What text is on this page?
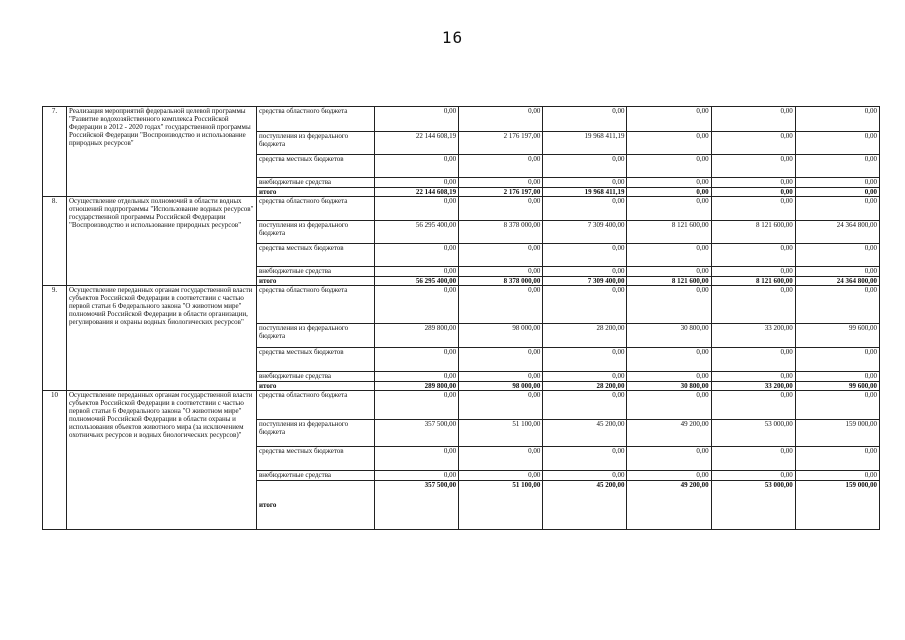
16
7.	Реализация мероприятий федеральной целевой программы "Развитие водохозяйственного комплекса Российской Федерации в 2012 - 2020 годах" государственной программы Российской Федерации "Воспроизводство и использование природных ресурсов"	средства областного бюджета	0,00	0,00	0,00	0,00	0,00	0,00
		поступления из федерального бюджета	22 144 608,19	2 176 197,00	19 968 411,19	0,00	0,00	0,00
		средства местных бюджетов	0,00	0,00	0,00	0,00	0,00	0,00
		внебюджетные средства	0,00	0,00	0,00	0,00	0,00	0,00
		итого	22 144 608,19	2 176 197,00	19 968 411,19	0,00	0,00	0,00
8.	Осуществление отдельных полномочий в области водных отношений подпрограммы "Использование водных ресурсов" государственной программы Российской Федерации "Воспроизводство и использование природных ресурсов"	средства областного бюджета	0,00	0,00	0,00	0,00	0,00	0,00
		поступления из федерального бюджета	56 295 400,00	8 378 000,00	7 309 400,00	8 121 600,00	8 121 600,00	24 364 800,00
		средства местных бюджетов	0,00	0,00	0,00	0,00	0,00	0,00
		внебюджетные средства	0,00	0,00	0,00	0,00	0,00	0,00
		итого	56 295 400,00	8 378 000,00	7 309 400,00	8 121 600,00	8 121 600,00	24 364 800,00
9.	Осуществление переданных органам государственной власти субъектов Российской Федерации в соответствии с частью первой статьи 6 Федерального закона "О животном мире" полномочий Российской Федерации в области организации, регулирования и охраны водных биологических ресурсов"	средства областного бюджета	0,00	0,00	0,00	0,00	0,00	0,00
		поступления из федерального бюджета	289 800,00	98 000,00	28 200,00	30 800,00	33 200,00	99 600,00
		средства местных бюджетов	0,00	0,00	0,00	0,00	0,00	0,00
		внебюджетные средства	0,00	0,00	0,00	0,00	0,00	0,00
		итого	289 800,00	98 000,00	28 200,00	30 800,00	33 200,00	99 600,00
10	Осуществление переданных органам государственной власти субъектов Российской Федерации в соответствии с частью первой статьи 6 Федерального закона "О животном мире" полномочий Российской Федерации в области охраны и использования объектов животного мира (за исключением охотничьих ресурсов и водных биологических ресурсов)"	средства областного бюджета	0,00	0,00	0,00	0,00	0,00	0,00
		поступления из федерального бюджета	357 500,00	51 100,00	45 200,00	49 200,00	53 000,00	159 000,00
		средства местных бюджетов	0,00	0,00	0,00	0,00	0,00	0,00
		внебюджетные средства	0,00	0,00	0,00	0,00	0,00	0,00
		итого	357 500,00	51 100,00	45 200,00	49 200,00	53 000,00	159 000,00
